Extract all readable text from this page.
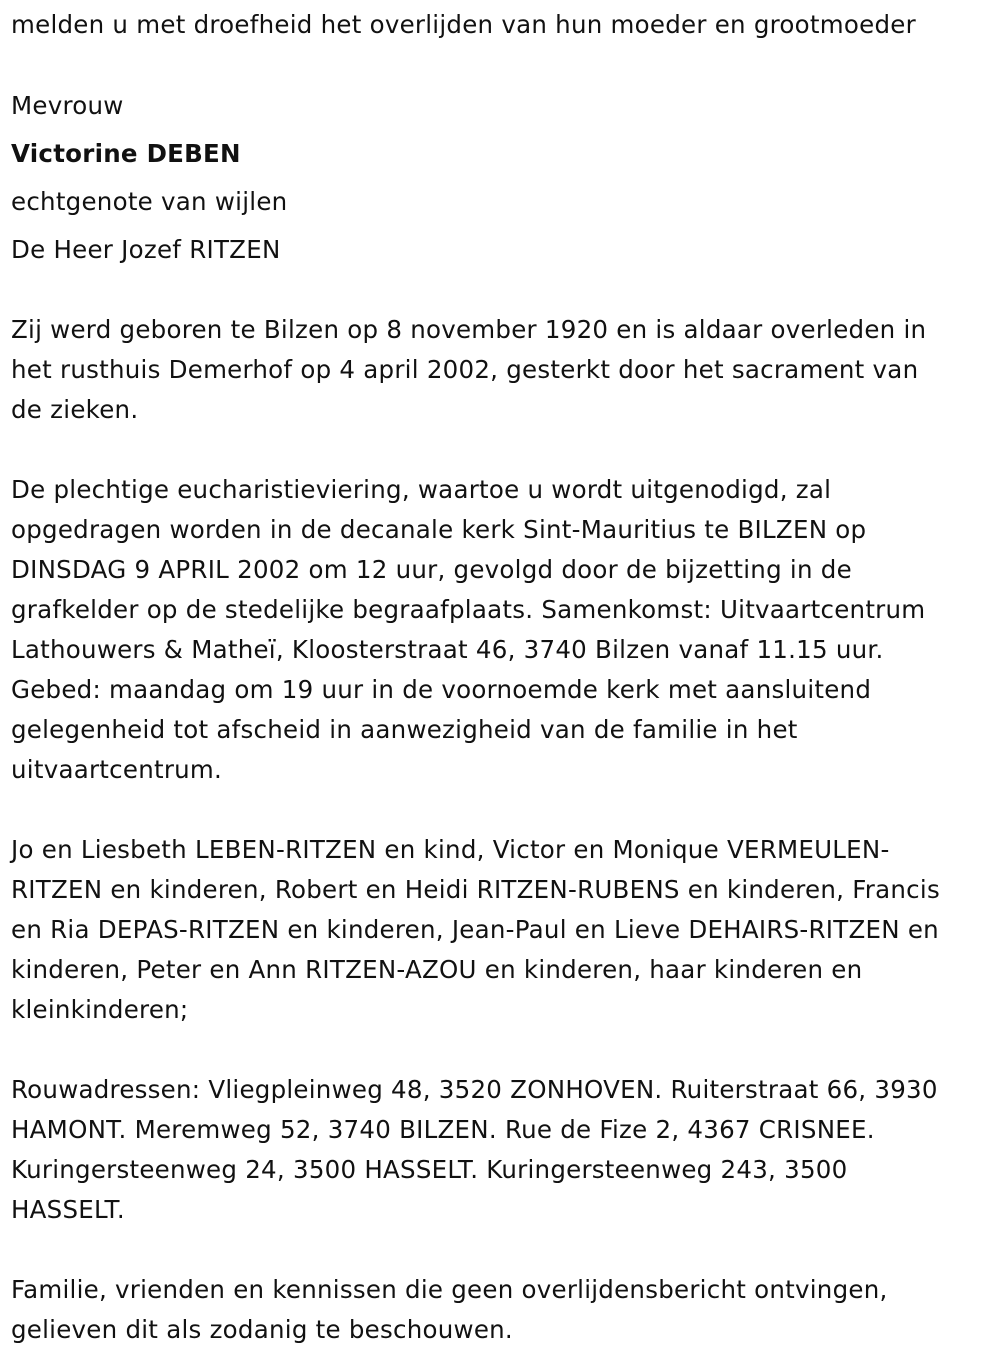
melden u met droefheid het overlijden van hun moeder en grootmoeder
Mevrouw
Victorine DEBEN
echtgenote van wijlen
De Heer Jozef RITZEN
Zij werd geboren te Bilzen op 8 november 1920 en is aldaar overleden in
het rusthuis Demerhof op 4 april 2002, gesterkt door het sacrament van
de zieken.
De plechtige eucharistieviering, waartoe u wordt uitgenodigd, zal
opgedragen worden in de decanale kerk Sint-Mauritius te BILZEN op
DINSDAG 9 APRIL 2002 om 12 uur, gevolgd door de bijzetting in de
grafkelder op de stedelijke begraafplaats. Samenkomst: Uitvaartcentrum
Lathouwers & Matheï, Kloosterstraat 46, 3740 Bilzen vanaf 11.15 uur.
Gebed: maandag om 19 uur in de voornoemde kerk met aansluitend
gelegenheid tot afscheid in aanwezigheid van de familie in het
uitvaartcentrum.
Jo en Liesbeth LEBEN-RITZEN en kind, Victor en Monique VERMEULEN-
RITZEN en kinderen, Robert en Heidi RITZEN-RUBENS en kinderen, Francis
en Ria DEPAS-RITZEN en kinderen, Jean-Paul en Lieve DEHAIRS-RITZEN en
kinderen, Peter en Ann RITZEN-AZOU en kinderen, haar kinderen en
kleinkinderen;
Rouwadressen: Vliegpleinweg 48, 3520 ZONHOVEN. Ruiterstraat 66, 3930
HAMONT. Meremweg 52, 3740 BILZEN. Rue de Fize 2, 4367 CRISNEE.
Kuringersteenweg 24, 3500 HASSELT. Kuringersteenweg 243, 3500
HASSELT.
Familie, vrienden en kennissen die geen overlijdensbericht ontvingen,
gelieven dit als zodanig te beschouwen.
